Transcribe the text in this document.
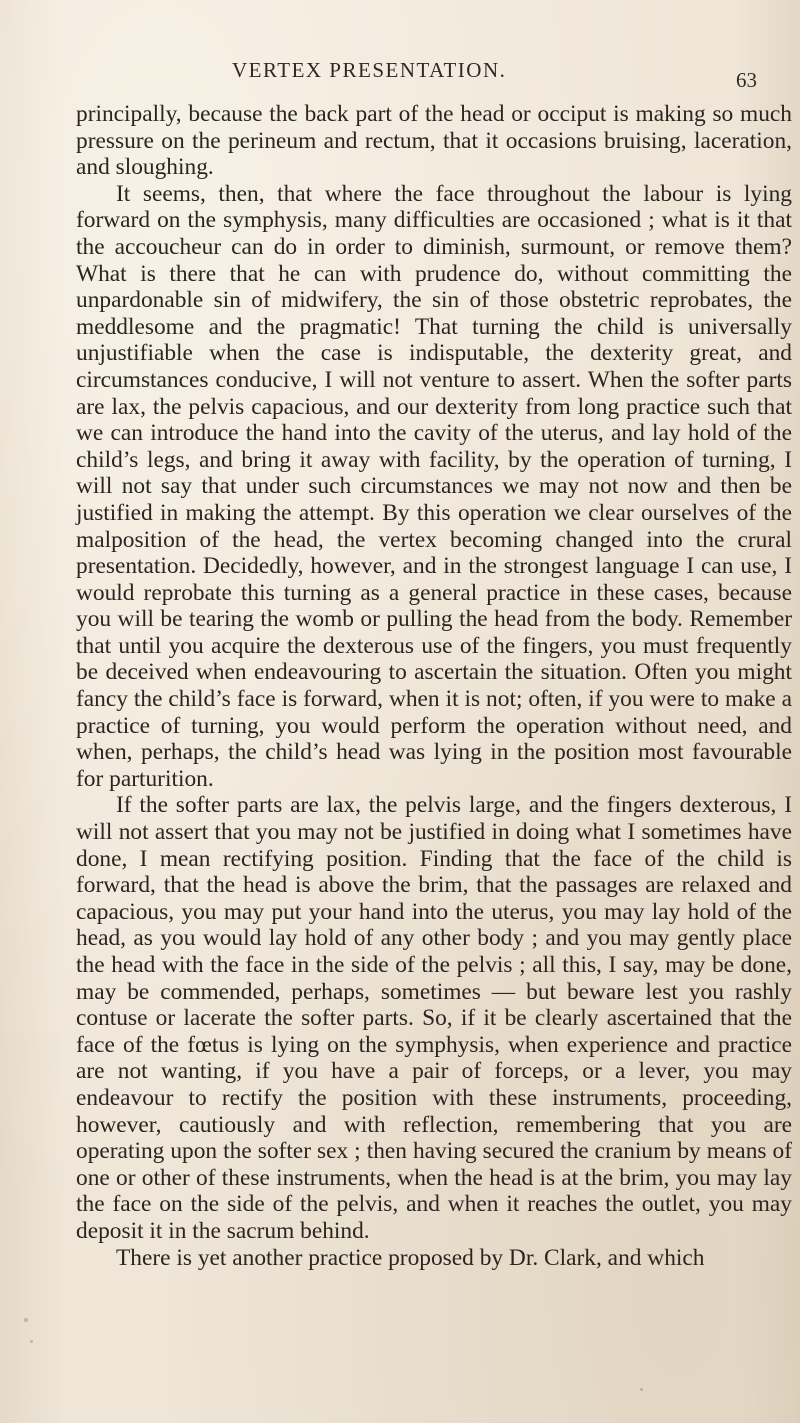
VERTEX PRESENTATION.	63

principally, because the back part of the head or occiput is making so much pressure on the perineum and rectum, that it occasions bruising, laceration, and sloughing.

It seems, then, that where the face throughout the labour is lying forward on the symphysis, many difficulties are occasioned ; what is it that the accoucheur can do in order to diminish, surmount, or remove them? What is there that he can with prudence do, without committing the unpardonable sin of midwifery, the sin of those obstetric reprobates, the meddlesome and the pragmatic! That turning the child is universally unjustifiable when the case is indisputable, the dexterity great, and circumstances conducive, I will not venture to assert. When the softer parts are lax, the pelvis capacious, and our dexterity from long practice such that we can introduce the hand into the cavity of the uterus, and lay hold of the child’s legs, and bring it away with facility, by the operation of turning, I will not say that under such circumstances we may not now and then be justified in making the attempt. By this operation we clear ourselves of the malposition of the head, the vertex becoming changed into the crural presentation. Decidedly, however, and in the strongest language I can use, I would reprobate this turning as a general practice in these cases, because you will be tearing the womb or pulling the head from the body. Remember that until you acquire the dexterous use of the fingers, you must frequently be deceived when endeavouring to ascertain the situation. Often you might fancy the child’s face is forward, when it is not; often, if you were to make a practice of turning, you would perform the operation without need, and when, perhaps, the child’s head was lying in the position most favourable for parturition.

If the softer parts are lax, the pelvis large, and the fingers dexterous, I will not assert that you may not be justified in doing what I sometimes have done, I mean rectifying position. Finding that the face of the child is forward, that the head is above the brim, that the passages are relaxed and capacious, you may put your hand into the uterus, you may lay hold of the head, as you would lay hold of any other body ; and you may gently place the head with the face in the side of the pelvis ; all this, I say, may be done, may be commended, perhaps, sometimes — but beware lest you rashly contuse or lacerate the softer parts. So, if it be clearly ascertained that the face of the fœtus is lying on the symphysis, when experience and practice are not wanting, if you have a pair of forceps, or a lever, you may endeavour to rectify the position with these instruments, proceeding, however, cautiously and with reflection, remembering that you are operating upon the softer sex ; then having secured the cranium by means of one or other of these instruments, when the head is at the brim, you may lay the face on the side of the pelvis, and when it reaches the outlet, you may deposit it in the sacrum behind.

There is yet another practice proposed by Dr. Clark, and which
